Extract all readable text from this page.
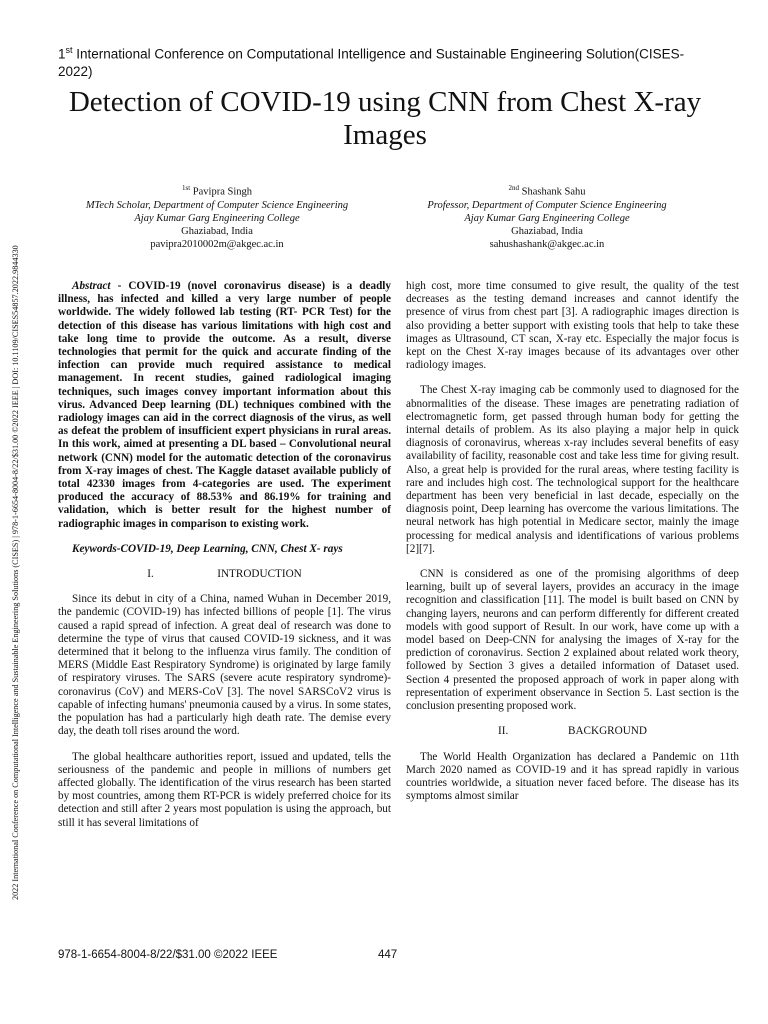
1st International Conference on Computational Intelligence and Sustainable Engineering Solution(CISES-2022)
Detection of COVID-19 using CNN from Chest X-ray Images
$^{1st}$ Pavipra Singh
MTech Scholar, Department of Computer Science Engineering
Ajay Kumar Garg Engineering College
Ghaziabad, India
pavipra2010002m@akgec.ac.in
$^{2nd}$ Shashank Sahu
Professor, Department of Computer Science Engineering
Ajay Kumar Garg Engineering College
Ghaziabad, India
sahushashank@akgec.ac.in

Abstract - COVID-19 (novel coronavirus disease) is a deadly illness, has infected and killed a very large number of people worldwide. The widely followed lab testing (RT- PCR Test) for the detection of this disease has various limitations with high cost and take long time to provide the outcome. As a result, diverse technologies that permit for the quick and accurate finding of the infection can provide much required assistance to medical management. In recent studies, gained radiological imaging techniques, such images convey important information about this virus. Advanced Deep learning (DL) techniques combined with the radiology images can aid in the correct diagnosis of the virus, as well as defeat the problem of insufficient expert physicians in rural areas. In this work, aimed at presenting a DL based – Convolutional neural network (CNN) model for the automatic detection of the coronavirus from X-ray images of chest. The Kaggle dataset available publicly of total 42330 images from 4-categories are used. The experiment produced the accuracy of 88.53% and 86.19% for training and validation, which is better result for the highest number of radiographic images in comparison to existing work.

Keywords-COVID-19, Deep Learning, CNN, Chest X- rays

I.	INTRODUCTION

Since its debut in city of a China, named Wuhan in December 2019, the pandemic (COVID-19) has infected billions of people [1]. The virus caused a rapid spread of infection. A great deal of research was done to determine the type of virus that caused COVID-19 sickness, and it was determined that it belong to the influenza virus family. The condition of MERS (Middle East Respiratory Syndrome) is originated by large family of respiratory viruses. The SARS (severe acute respiratory syndrome)-coronavirus (CoV) and MERS-CoV [3]. The novel SARSCoV2 virus is capable of infecting humans' pneumonia caused by a virus. In some states, the population has had a particularly high death rate. The demise every day, the death toll rises around the word.

The global healthcare authorities report, issued and updated, tells the seriousness of the pandemic and people in millions of numbers get affected globally. The identification of the virus research has been started by most countries, among them RT-PCR is widely preferred choice for its detection and still after 2 years most population is using the approach, but still it has several limitations of

high cost, more time consumed to give result, the quality of the test decreases as the testing demand increases and cannot identify the presence of virus from chest part [3]. A radiographic images direction is also providing a better support with existing tools that help to take these images as Ultrasound, CT scan, X-ray etc. Especially the major focus is kept on the Chest X-ray images because of its advantages over other radiology images.

The Chest X-ray imaging cab be commonly used to diagnosed for the abnormalities of the disease. These images are penetrating radiation of electromagnetic form, get passed through human body for getting the internal details of problem. As its also playing a major help in quick diagnosis of coronavirus, whereas x-ray includes several benefits of easy availability of facility, reasonable cost and take less time for giving result. Also, a great help is provided for the rural areas, where testing facility is rare and includes high cost. The technological support for the healthcare department has been very beneficial in last decade, especially on the diagnosis point, Deep learning has overcome the various limitations. The neural network has high potential in Medicare sector, mainly the image processing for medical analysis and identifications of various problems [2][7].

CNN is considered as one of the promising algorithms of deep learning, built up of several layers, provides an accuracy in the image recognition and classification [11]. The model is built based on CNN by changing layers, neurons and can perform differently for different created models with good support of Result. In our work, have come up with a model based on Deep-CNN for analysing the images of X-ray for the prediction of coronavirus. Section 2 explained about related work theory, followed by Section 3 gives a detailed information of Dataset used. Section 4 presented the proposed approach of work in paper along with representation of experiment observance in Section 5. Last section is the conclusion presenting proposed work.

II.	BACKGROUND

The World Health Organization has declared a Pandemic on 11th March 2020 named as COVID-19 and it has spread rapidly in various countries worldwide, a situation never faced before. The disease has its symptoms almost similar

978-1-6654-8004-8/22/$31.00 ©2022 IEEE	447
2022 International Conference on Computational Intelligence and Sustainable Engineering Solutions (CISES) | 978-1-6654-8004-8/22/$31.00 ©2022 IEEE | DOI: 10.1109/CISES54857.2022.9844330
